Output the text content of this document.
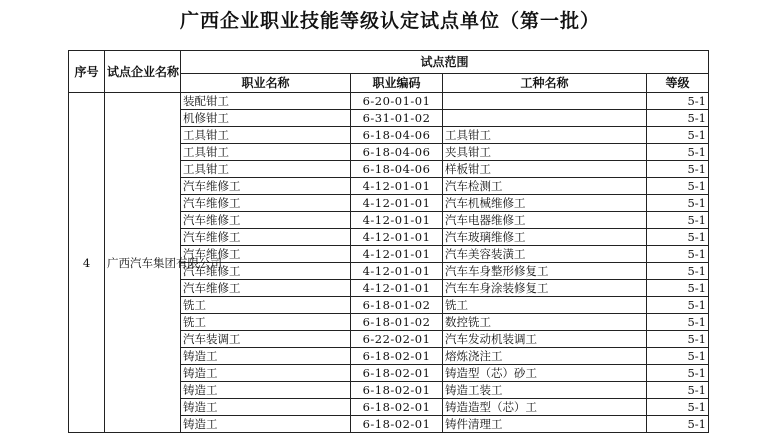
广西企业职业技能等级认定试点单位（第一批）
序号	试点企业名称	试点范围			
		职业名称	职业编码	工种名称	等级
4	广西汽车集团有限公司	装配钳工	6-20-01-01		5-1
		机修钳工	6-31-01-02		5-1
		工具钳工	6-18-04-06	工具钳工	5-1
		工具钳工	6-18-04-06	夹具钳工	5-1
		工具钳工	6-18-04-06	样板钳工	5-1
		汽车维修工	4-12-01-01	汽车检测工	5-1
		汽车维修工	4-12-01-01	汽车机械维修工	5-1
		汽车维修工	4-12-01-01	汽车电器维修工	5-1
		汽车维修工	4-12-01-01	汽车玻璃维修工	5-1
		汽车维修工	4-12-01-01	汽车美容装潢工	5-1
		汽车维修工	4-12-01-01	汽车车身整形修复工	5-1
		汽车维修工	4-12-01-01	汽车车身涂装修复工	5-1
		铣工	6-18-01-02	铣工	5-1
		铣工	6-18-01-02	数控铣工	5-1
		汽车装调工	6-22-02-01	汽车发动机装调工	5-1
		铸造工	6-18-02-01	熔炼浇注工	5-1
		铸造工	6-18-02-01	铸造型（芯）砂工	5-1
		铸造工	6-18-02-01	铸造工装工	5-1
		铸造工	6-18-02-01	铸造造型（芯）工	5-1
		铸造工	6-18-02-01	铸件清理工	5-1
